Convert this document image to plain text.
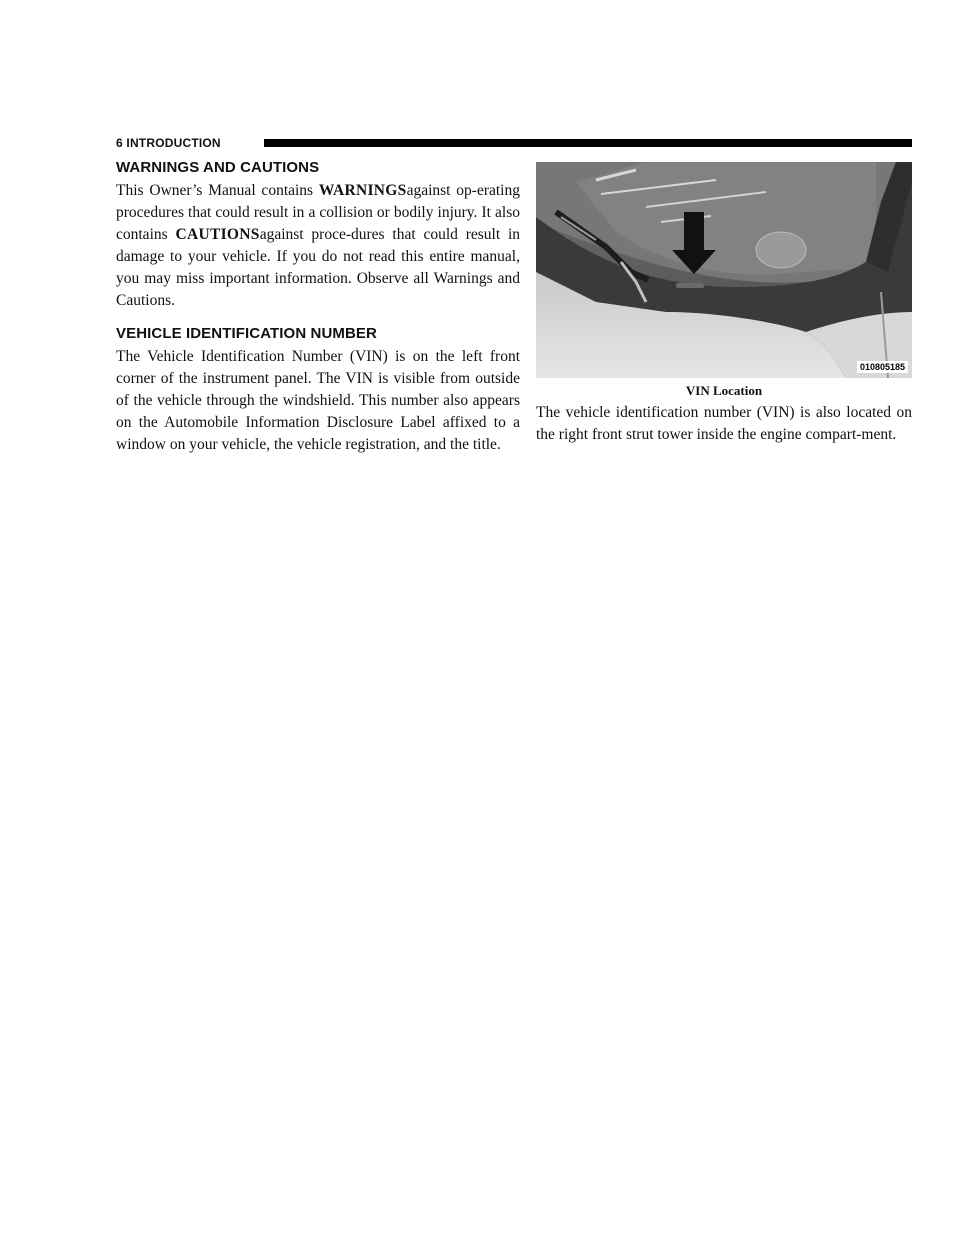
6 INTRODUCTION
WARNINGS AND CAUTIONS

This Owner’s Manual contains WARNINGSagainst op-erating procedures that could result in a collision or bodily injury. It also contains CAUTIONSagainst proce-dures that could result in damage to your vehicle. If you do not read this entire manual, you may miss important information. Observe all Warnings and Cautions.

VEHICLE IDENTIFICATION NUMBER

The Vehicle Identification Number (VIN) is on the left front corner of the instrument panel. The VIN is visible from outside of the vehicle through the windshield. This number also appears on the Automobile Information Disclosure Label affixed to a window on your vehicle, the vehicle registration, and the title.

010805185
VIN Location

The vehicle identification number (VIN) is also located on the right front strut tower inside the engine compart-ment.
